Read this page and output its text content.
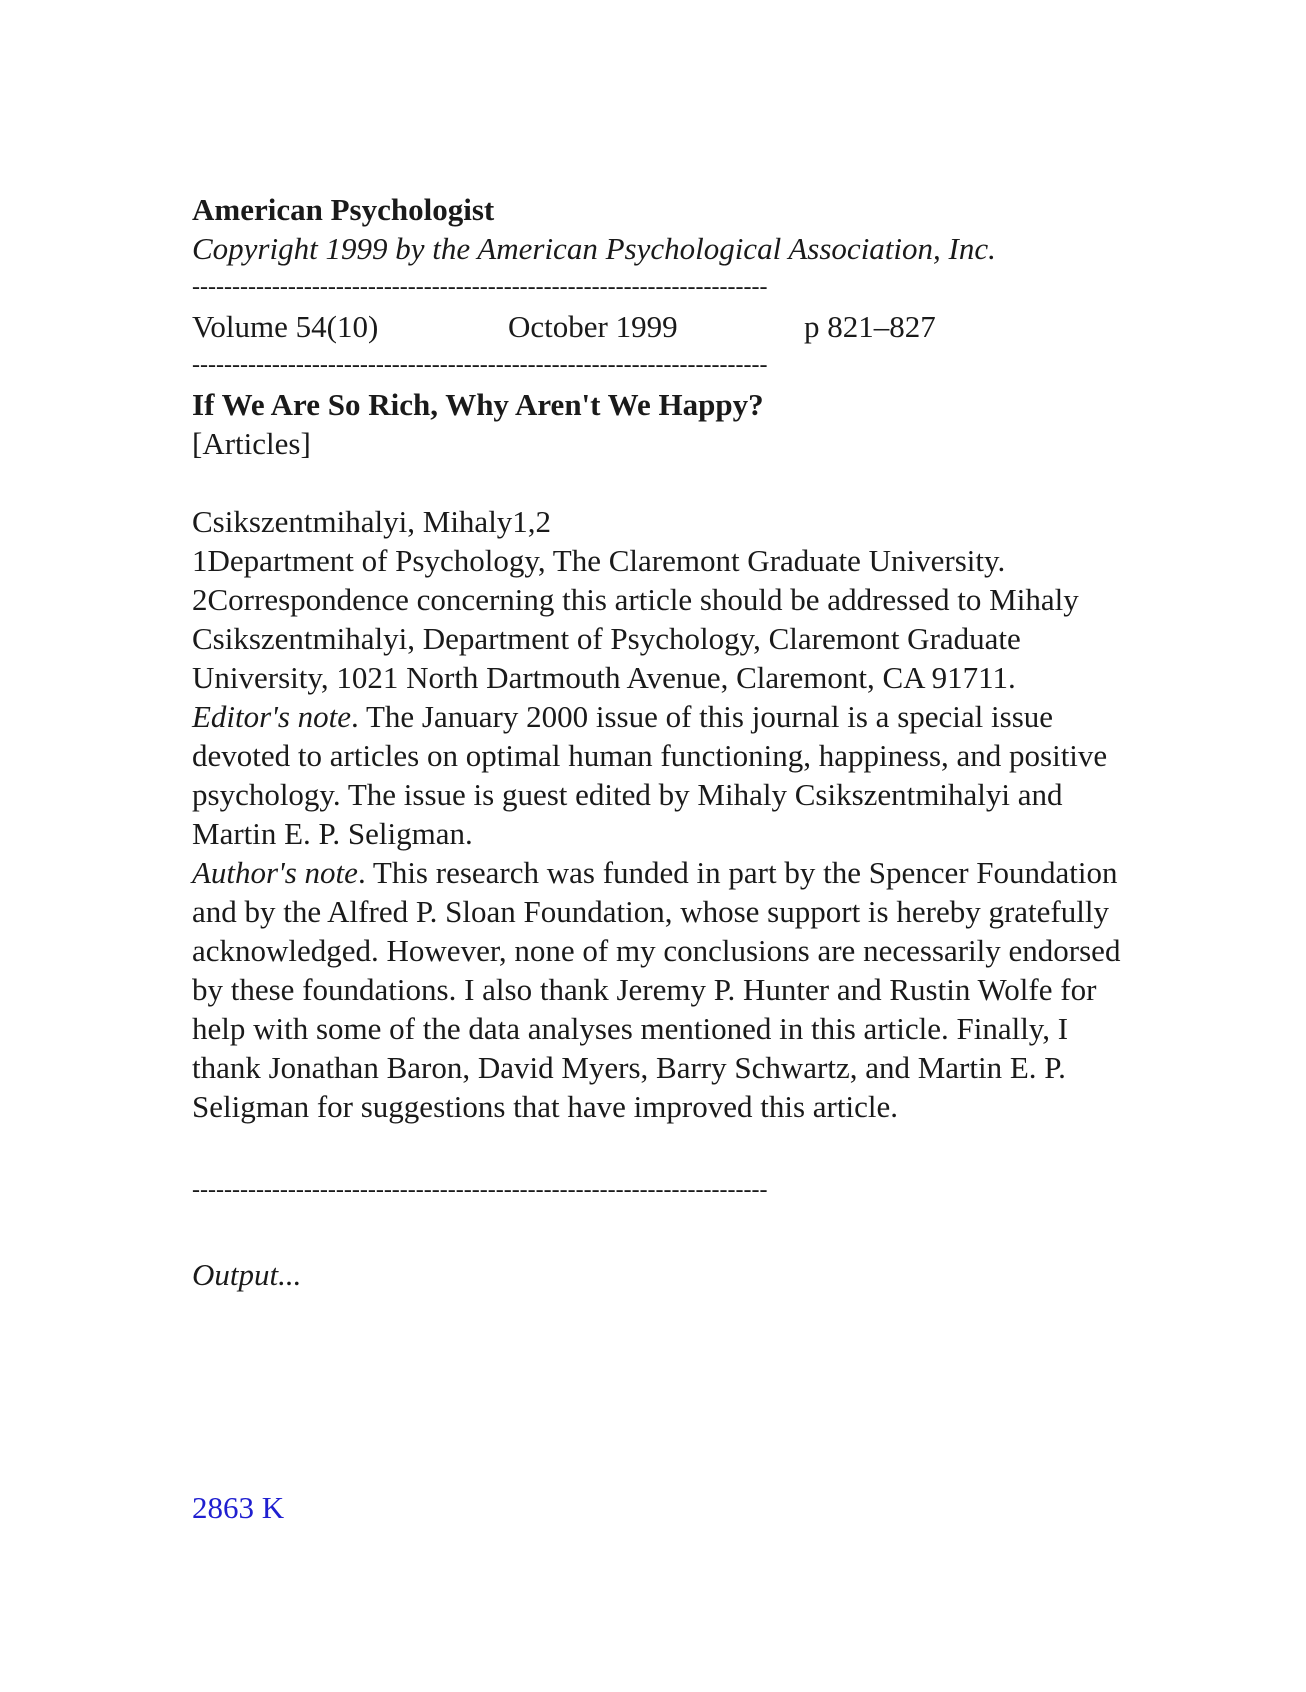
American Psychologist

Copyright 1999 by the American Psychological Association, Inc.

------------------------------------------------------------------------

Volume 54(10)	October 1999	p 821–827

------------------------------------------------------------------------

If We Are So Rich, Why Aren't We Happy?

[Articles]

Csikszentmihalyi, Mihaly1,2

1Department of Psychology, The Claremont Graduate University.

2Correspondence concerning this article should be addressed to Mihaly Csikszentmihalyi, Department of Psychology, Claremont Graduate University, 1021 North Dartmouth Avenue, Claremont, CA 91711.

Editor's note. The January 2000 issue of this journal is a special issue devoted to articles on optimal human functioning, happiness, and positive psychology. The issue is guest edited by Mihaly Csikszentmihalyi and Martin E. P. Seligman.

Author's note. This research was funded in part by the Spencer Foundation and by the Alfred P. Sloan Foundation, whose support is hereby gratefully acknowledged. However, none of my conclusions are necessarily endorsed by these foundations. I also thank Jeremy P. Hunter and Rustin Wolfe for help with some of the data analyses mentioned in this article. Finally, I thank Jonathan Baron, David Myers, Barry Schwartz, and Martin E. P. Seligman for suggestions that have improved this article.

------------------------------------------------------------------------

Output...

2863 K
